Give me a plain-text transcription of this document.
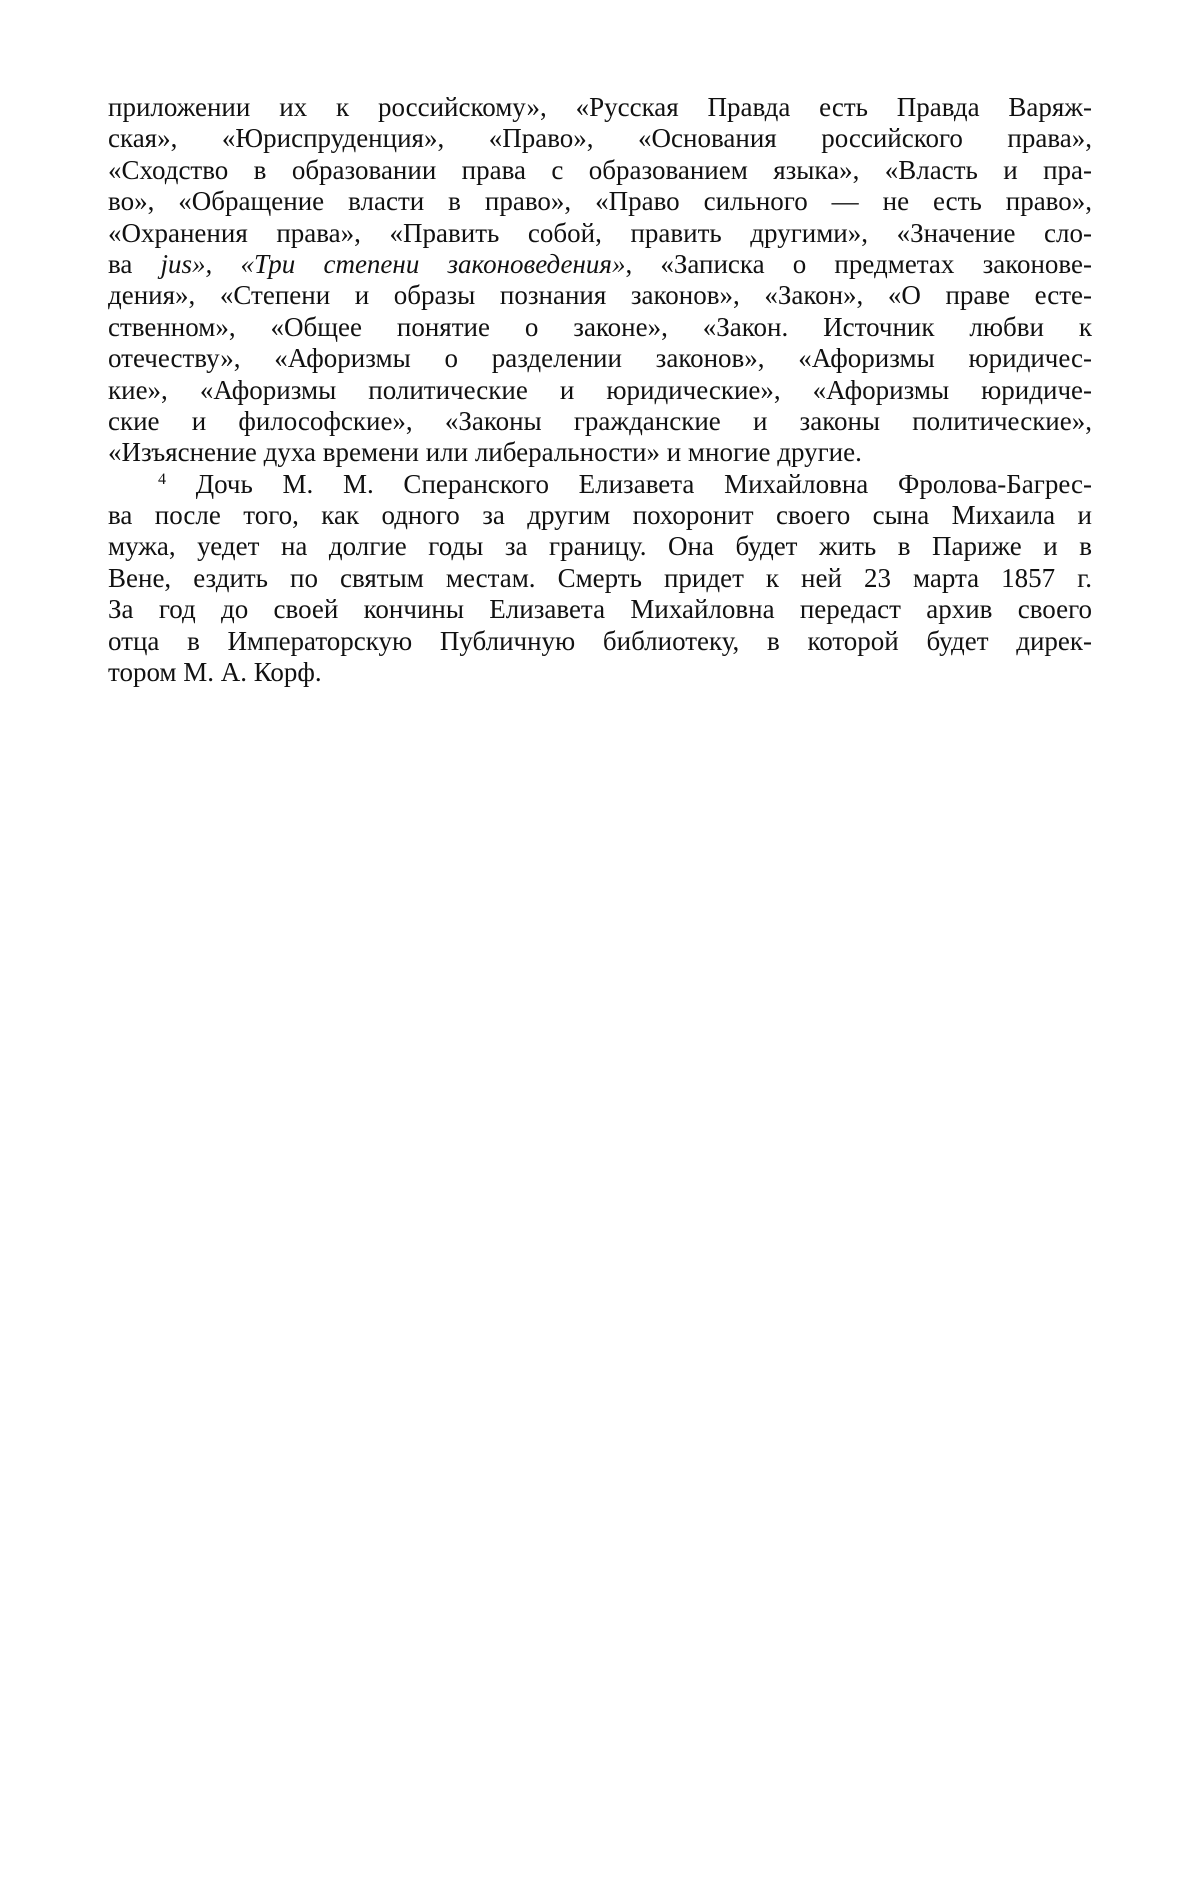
приложении их к российскому», «Русская Правда есть Правда Варяж-
ская», «Юриспруденция», «Право», «Основания российского права»,
«Сходство в образовании права с образованием языка», «Власть и пра-
во», «Обращение власти в право», «Право сильного — не есть право»,
«Охранения права», «Править собой, править другими», «Значение сло-
ва jus», «Три степени законоведения», «Записка о предметах законове-
дения», «Степени и образы познания законов», «Закон», «О праве есте-
ственном», «Общее понятие о законе», «Закон. Источник любви к
отечеству», «Афоризмы о разделении законов», «Афоризмы юридичес-
кие», «Афоризмы политические и юридические», «Афоризмы юридиче-
ские и философские», «Законы гражданские и законы политические»,
«Изъяснение духа времени или либеральности» и многие другие.
$^4$ Дочь М. М. Сперанского Елизавета Михайловна Фролова-Багрес-
ва после того, как одного за другим похоронит своего сына Михаила и
мужа, уедет на долгие годы за границу. Она будет жить в Париже и в
Вене, ездить по святым местам. Смерть придет к ней 23 марта 1857 г.
За год до своей кончины Елизавета Михайловна передаст архив своего
отца в Императорскую Публичную библиотеку, в которой будет дирек-
тором М. А. Корф.
